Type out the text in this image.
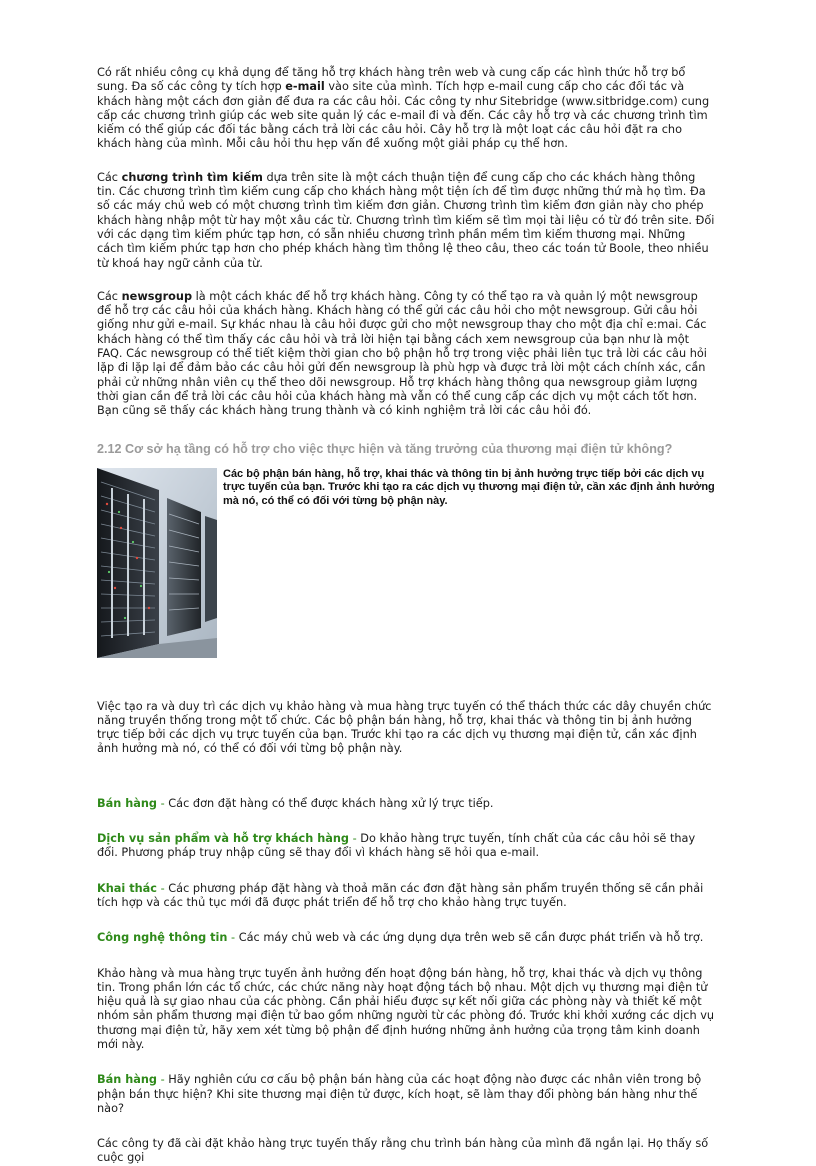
Có rất nhiều công cụ khả dụng để tăng hỗ trợ khách hàng trên web và cung cấp các hình thức hỗ trợ bổ sung. Đa số các công ty tích hợp e-mail vào site của mình. Tích hợp e-mail cung cấp cho các đối tác và khách hàng một cách đơn giản để đưa ra các câu hỏi. Các công ty như Sitebridge (www.sitbridge.com) cung cấp các chương trình giúp các web site quản lý các e-mail đi và đến. Các cây hỗ trợ và các chương trình tìm kiếm có thể giúp các đối tác bằng cách trả lời các câu hỏi. Cây hỗ trợ là một loạt các câu hỏi đặt ra cho khách hàng của mình. Mỗi câu hỏi thu hẹp vấn đề xuống một giải pháp cụ thể hơn.

Các chương trình tìm kiếm dựa trên site là một cách thuận tiện để cung cấp cho các khách hàng thông tin. Các chương trình tìm kiếm cung cấp cho khách hàng một tiện ích để tìm được những thứ mà họ tìm. Đa số các máy chủ web có một chương trình tìm kiếm đơn giản. Chương trình tìm kiếm đơn giản này cho phép khách hàng nhập một từ hay một xâu các từ. Chương trình tìm kiếm sẽ tìm mọi tài liệu có từ đó trên site. Đối với các dạng tìm kiếm phức tạp hơn, có sẵn nhiều chương trình phần mềm tìm kiếm thương mại. Những cách tìm kiếm phức tạp hơn cho phép khách hàng tìm thông lệ theo câu, theo các toán tử Boole, theo nhiều từ khoá hay ngữ cảnh của từ.

Các newsgroup là một cách khác để hỗ trợ khách hàng. Công ty có thể tạo ra và quản lý một newsgroup để hỗ trợ các câu hỏi của khách hàng. Khách hàng có thể gửi các câu hỏi cho một newsgroup. Gửi câu hỏi giống như gửi e-mail. Sự khác nhau là câu hỏi được gửi cho một newsgroup thay cho một địa chỉ e:mai. Các khách hàng có thể tìm thấy các câu hỏi và trả lời hiện tại bằng cách xem newsgroup của bạn như là một FAQ. Các newsgroup có thể tiết kiệm thời gian cho bộ phận hỗ trợ trong việc phải liên tục trả lời các câu hỏi lặp đi lặp lại để đảm bảo các câu hỏi gửi đến newsgroup là phù hợp và được trả lời một cách chính xác, cần phải cử những nhân viên cụ thể theo dõi newsgroup. Hỗ trợ khách hàng thông qua newsgroup giảm lượng thời gian cần để trả lời các câu hỏi của khách hàng mà vẫn có thể cung cấp các dịch vụ một cách tốt hơn. Bạn cũng sẽ thấy các khách hàng trung thành và có kinh nghiệm trả lời các câu hỏi đó.

2.12 Cơ sở hạ tầng có hỗ trợ cho việc thực hiện và tăng trưởng của thương mại điện tử không?
Các bộ phận bán hàng, hỗ trợ, khai thác và thông tin bị ảnh hưởng trực tiếp bởi các dịch vụ trực tuyến của bạn. Trước khi tạo ra các dịch vụ thương mại điện tử, cần xác định ảnh hưởng mà nó, có thể có đối với từng bộ phận này.

Việc tạo ra và duy trì các dịch vụ khảo hàng và mua hàng trực tuyến có thể thách thức các dây chuyền chức năng truyền thống trong một tổ chức. Các bộ phận bán hàng, hỗ trợ, khai thác và thông tin bị ảnh hưởng trực tiếp bởi các dịch vụ trực tuyến của bạn. Trước khi tạo ra các dịch vụ thương mại điện tử, cần xác định ảnh hưởng mà nó, có thể có đối với từng bộ phận này.

Bán hàng - Các đơn đặt hàng có thể được khách hàng xử lý trực tiếp.

Dịch vụ sản phẩm và hỗ trợ khách hàng - Do khảo hàng trực tuyến, tính chất của các câu hỏi sẽ thay đổi. Phương pháp truy nhập cũng sẽ thay đổi vì khách hàng sẽ hỏi qua e-mail.

Khai thác - Các phương pháp đặt hàng và thoả mãn các đơn đặt hàng sản phẩm truyền thống sẽ cần phải tích hợp và các thủ tục mới đã được phát triển để hỗ trợ cho khảo hàng trực tuyến.

Công nghệ thông tin - Các máy chủ web và các ứng dụng dựa trên web sẽ cần được phát triển và hỗ trợ.

Khảo hàng và mua hàng trực tuyến ảnh hưởng đến hoạt động bán hàng, hỗ trợ, khai thác và dịch vụ thông tin. Trong phần lớn các tổ chức, các chức năng này hoạt động tách bộ nhau. Một dịch vụ thương mại điện tử hiệu quả là sự giao nhau của các phòng. Cần phải hiểu được sự kết nối giữa các phòng này và thiết kế một nhóm sản phẩm thương mại điện tử bao gồm những người từ các phòng đó. Trước khi khởi xướng các dịch vụ thương mại điện tử, hãy xem xét từng bộ phận để định hướng những ảnh hưởng của trọng tâm kinh doanh mới này.

Bán hàng - Hãy nghiên cứu cơ cấu bộ phận bán hàng của các hoạt động nào được các nhân viên trong bộ phận bán thực hiện? Khi site thương mại điện tử được, kích hoạt, sẽ làm thay đổi phòng bán hàng như thế nào?

Các công ty đã cài đặt khảo hàng trực tuyến thấy rằng chu trình bán hàng của mình đã ngắn lại. Họ thấy số cuộc gọi
